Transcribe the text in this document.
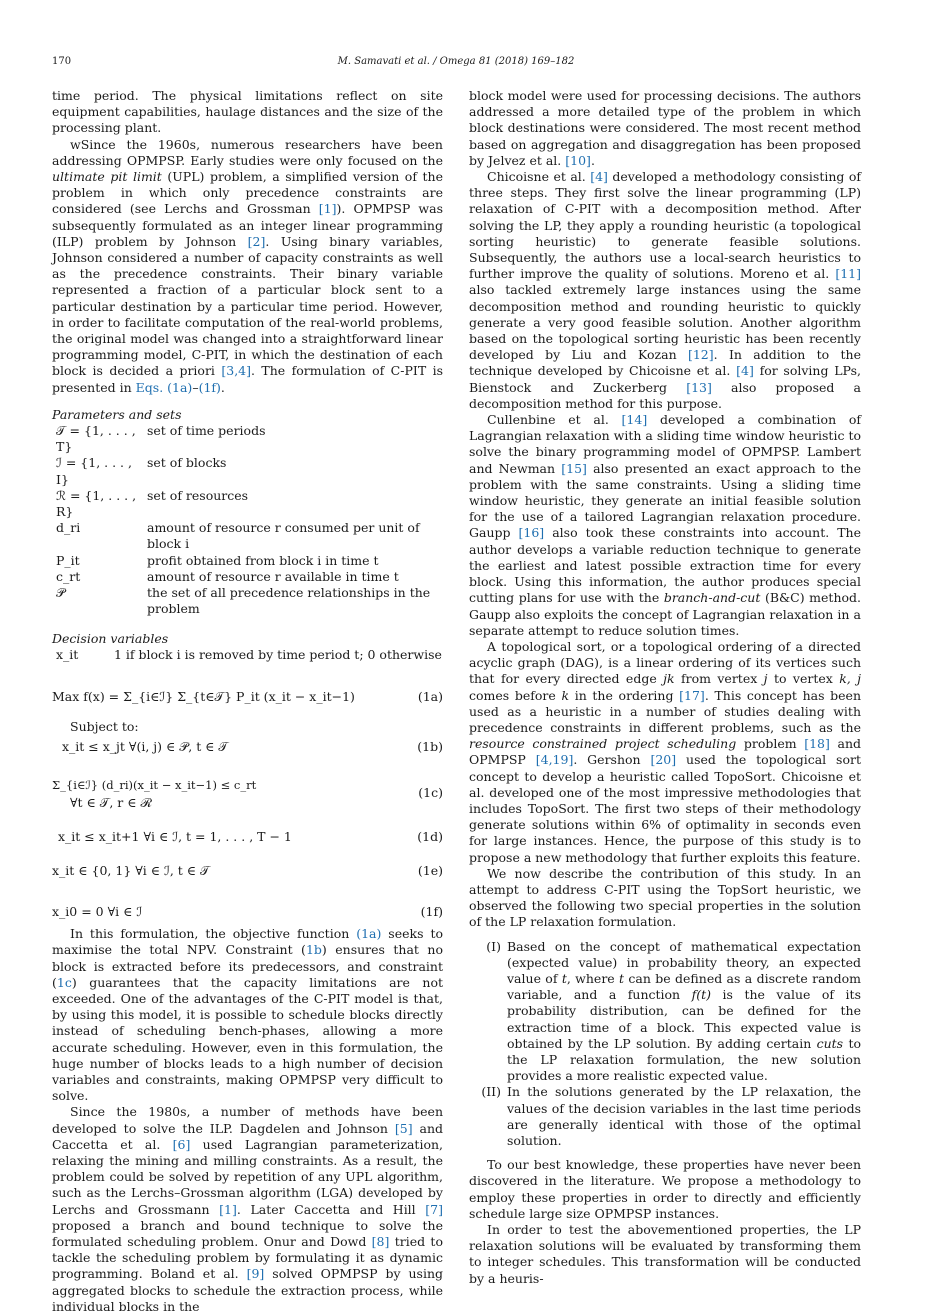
170	M. Samavati et al. / Omega 81 (2018) 169–182

time period. The physical limitations reflect on site equipment capabilities, haulage distances and the size of the processing plant.

wSince the 1960s, numerous researchers have been addressing OPMPSP. Early studies were only focused on the ultimate pit limit (UPL) problem, a simplified version of the problem in which only precedence constraints are considered (see Lerchs and Grossman [1]). OPMPSP was subsequently formulated as an integer linear programming (ILP) problem by Johnson [2]. Using binary variables, Johnson considered a number of capacity constraints as well as the precedence constraints. Their binary variable represented a fraction of a particular block sent to a particular destination by a particular time period. However, in order to facilitate computation of the real-world problems, the original model was changed into a straightforward linear programming model, C-PIT, in which the destination of each block is decided a priori [3,4]. The formulation of C-PIT is presented in Eqs. (1a)–(1f).

Parameters and sets
𝒯 = {1, . . . , T}	set of time periods
ℐ = {1, . . . , I}	set of blocks
ℛ = {1, . . . , R}	set of resources
d_ri	amount of resource r consumed per unit of block i
P_it	profit obtained from block i in time t
c_rt	amount of resource r available in time t
𝒫	the set of all precedence relationships in the problem
Decision variables
x_it	1 if block i is removed by time period t; 0 otherwise
Max f(x) = Σ_{i∈ℐ} Σ_{t∈𝒯} P_it (x_it − x_it−1)	(1a)
Subject to:
x_it ≤ x_jt ∀(i, j) ∈ 𝒫, t ∈ 𝒯	(1b)
Σ_{i∈ℐ} (d_ri)(x_it − x_it−1) ≤ c_rt
∀t ∈ 𝒯, r ∈ ℛ
(1c)
x_it ≤ x_it+1 ∀i ∈ ℐ, t = 1, . . . , T − 1	(1d)
x_it ∈ {0, 1} ∀i ∈ ℐ, t ∈ 𝒯	(1e)
x_i0 = 0 ∀i ∈ ℐ	(1f)

In this formulation, the objective function (1a) seeks to maximise the total NPV. Constraint (1b) ensures that no block is extracted before its predecessors, and constraint (1c) guarantees that the capacity limitations are not exceeded. One of the advantages of the C-PIT model is that, by using this model, it is possible to schedule blocks directly instead of scheduling bench-phases, allowing a more accurate scheduling. However, even in this formulation, the huge number of blocks leads to a high number of decision variables and constraints, making OPMPSP very difficult to solve.

Since the 1980s, a number of methods have been developed to solve the ILP. Dagdelen and Johnson [5] and Caccetta et al. [6] used Lagrangian parameterization, relaxing the mining and milling constraints. As a result, the problem could be solved by repetition of any UPL algorithm, such as the Lerchs–Grossman algorithm (LGA) developed by Lerchs and Grossmann [1]. Later Caccetta and Hill [7] proposed a branch and bound technique to solve the formulated scheduling problem. Onur and Dowd [8] tried to tackle the scheduling problem by formulating it as dynamic programming. Boland et al. [9] solved OPMPSP by using aggregated blocks to schedule the extraction process, while individual blocks in the

block model were used for processing decisions. The authors addressed a more detailed type of the problem in which block destinations were considered. The most recent method based on aggregation and disaggregation has been proposed by Jelvez et al. [10].

Chicoisne et al. [4] developed a methodology consisting of three steps. They first solve the linear programming (LP) relaxation of C-PIT with a decomposition method. After solving the LP, they apply a rounding heuristic (a topological sorting heuristic) to generate feasible solutions. Subsequently, the authors use a local-search heuristics to further improve the quality of solutions. Moreno et al. [11] also tackled extremely large instances using the same decomposition method and rounding heuristic to quickly generate a very good feasible solution. Another algorithm based on the topological sorting heuristic has been recently developed by Liu and Kozan [12]. In addition to the technique developed by Chicoisne et al. [4] for solving LPs, Bienstock and Zuckerberg [13] also proposed a decomposition method for this purpose.

Cullenbine et al. [14] developed a combination of Lagrangian relaxation with a sliding time window heuristic to solve the binary programming model of OPMPSP. Lambert and Newman [15] also presented an exact approach to the problem with the same constraints. Using a sliding time window heuristic, they generate an initial feasible solution for the use of a tailored Lagrangian relaxation procedure. Gaupp [16] also took these constraints into account. The author develops a variable reduction technique to generate the earliest and latest possible extraction time for every block. Using this information, the author produces special cutting plans for use with the branch-and-cut (B&C) method. Gaupp also exploits the concept of Lagrangian relaxation in a separate attempt to reduce solution times.

A topological sort, or a topological ordering of a directed acyclic graph (DAG), is a linear ordering of its vertices such that for every directed edge jk from vertex j to vertex k, j comes before k in the ordering [17]. This concept has been used as a heuristic in a number of studies dealing with precedence constraints in different problems, such as the resource constrained project scheduling problem [18] and OPMPSP [4,19]. Gershon [20] used the topological sort concept to develop a heuristic called TopoSort. Chicoisne et al. developed one of the most impressive methodologies that includes TopoSort. The first two steps of their methodology generate solutions within 6% of optimality in seconds even for large instances. Hence, the purpose of this study is to propose a new methodology that further exploits this feature.

We now describe the contribution of this study. In an attempt to address C-PIT using the TopSort heuristic, we observed the following two special properties in the solution of the LP relaxation formulation.

(I) Based on the concept of mathematical expectation (expected value) in probability theory, an expected value of t, where t can be defined as a discrete random variable, and a function f(t) is the value of its probability distribution, can be defined for the extraction time of a block. This expected value is obtained by the LP solution. By adding certain cuts to the LP relaxation formulation, the new solution provides a more realistic expected value.
(II) In the solutions generated by the LP relaxation, the values of the decision variables in the last time periods are generally identical with those of the optimal solution.

To our best knowledge, these properties have never been discovered in the literature. We propose a methodology to employ these properties in order to directly and efficiently schedule large size OPMPSP instances.

In order to test the abovementioned properties, the LP relaxation solutions will be evaluated by transforming them to integer schedules. This transformation will be conducted by a heuris-
